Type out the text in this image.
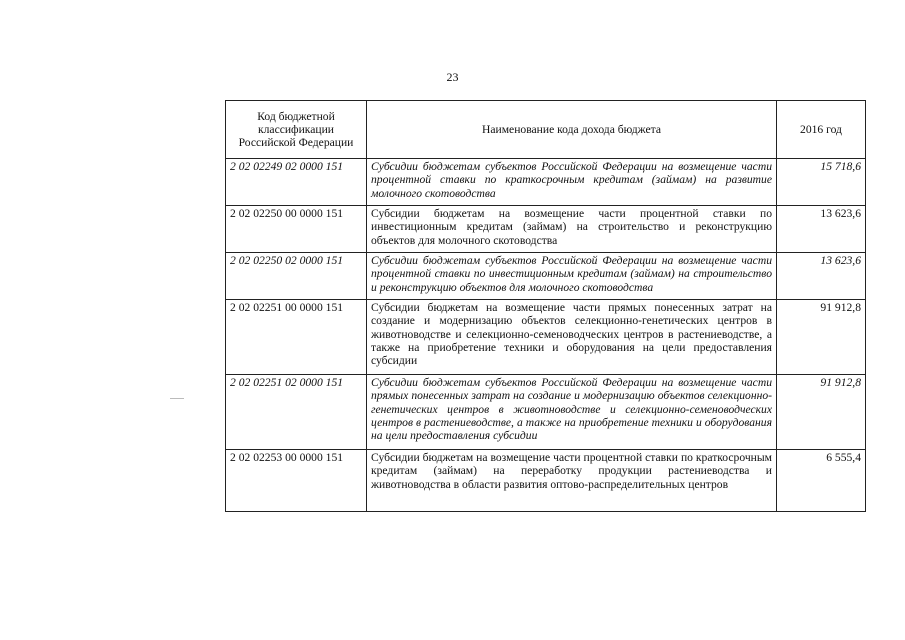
23
Код бюджетной классификации Российской Федерации	Наименование кода дохода бюджета	2016 год
2 02 02249 02 0000 151	Субсидии бюджетам субъектов Российской Федерации на возмещение части процентной ставки по краткосрочным кредитам (займам) на развитие молочного скотоводства	15 718,6
2 02 02250 00 0000 151	Субсидии бюджетам на возмещение части процентной ставки по инвестиционным кредитам (займам) на строительство и реконструкцию объектов для молочного скотоводства	13 623,6
2 02 02250 02 0000 151	Субсидии бюджетам субъектов Российской Федерации на возмещение части процентной ставки по инвестиционным кредитам (займам) на строительство и реконструкцию объектов для молочного скотоводства	13 623,6
2 02 02251 00 0000 151	Субсидии бюджетам на возмещение части прямых понесенных затрат на создание и модернизацию объектов селекционно-генетических центров в животноводстве и селекционно-семеноводческих центров в растениеводстве, а также на приобретение техники и оборудования на цели предоставления субсидии	91 912,8
2 02 02251 02 0000 151	Субсидии бюджетам субъектов Российской Федерации на возмещение части прямых понесенных затрат на создание и модернизацию объектов селекционно-генетических центров в животноводстве и селекционно-семеноводческих центров в растениеводстве, а также на приобретение техники и оборудования на цели предоставления субсидии	91 912,8
2 02 02253 00 0000 151	Субсидии бюджетам на возмещение части процентной ставки по краткосрочным кредитам (займам) на переработку продукции растениеводства и животноводства в области развития оптово-распределительных центров	6 555,4
